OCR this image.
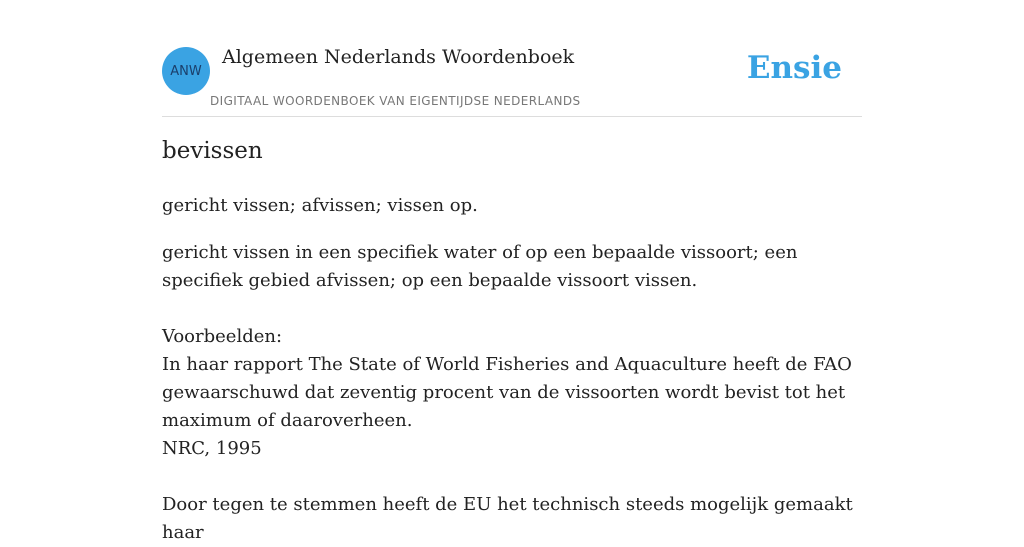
ANW
Algemeen Nederlands Woordenboek
DIGITAAL WOORDENBOEK VAN EIGENTIJDSE NEDERLANDS
Ensie
bevissen

gericht vissen; afvissen; vissen op.

gericht vissen in een specifiek water of op een bepaalde vissoort; een specifiek gebied afvissen; op een bepaalde vissoort vissen.

Voorbeelden:

In haar rapport The State of World Fisheries and Aquaculture heeft de FAO gewaarschuwd dat zeventig procent van de vissoorten wordt bevist tot het maximum of daaroverheen.

NRC, 1995

Door tegen te stemmen heeft de EU het technisch steeds mogelijk gemaakt haar
